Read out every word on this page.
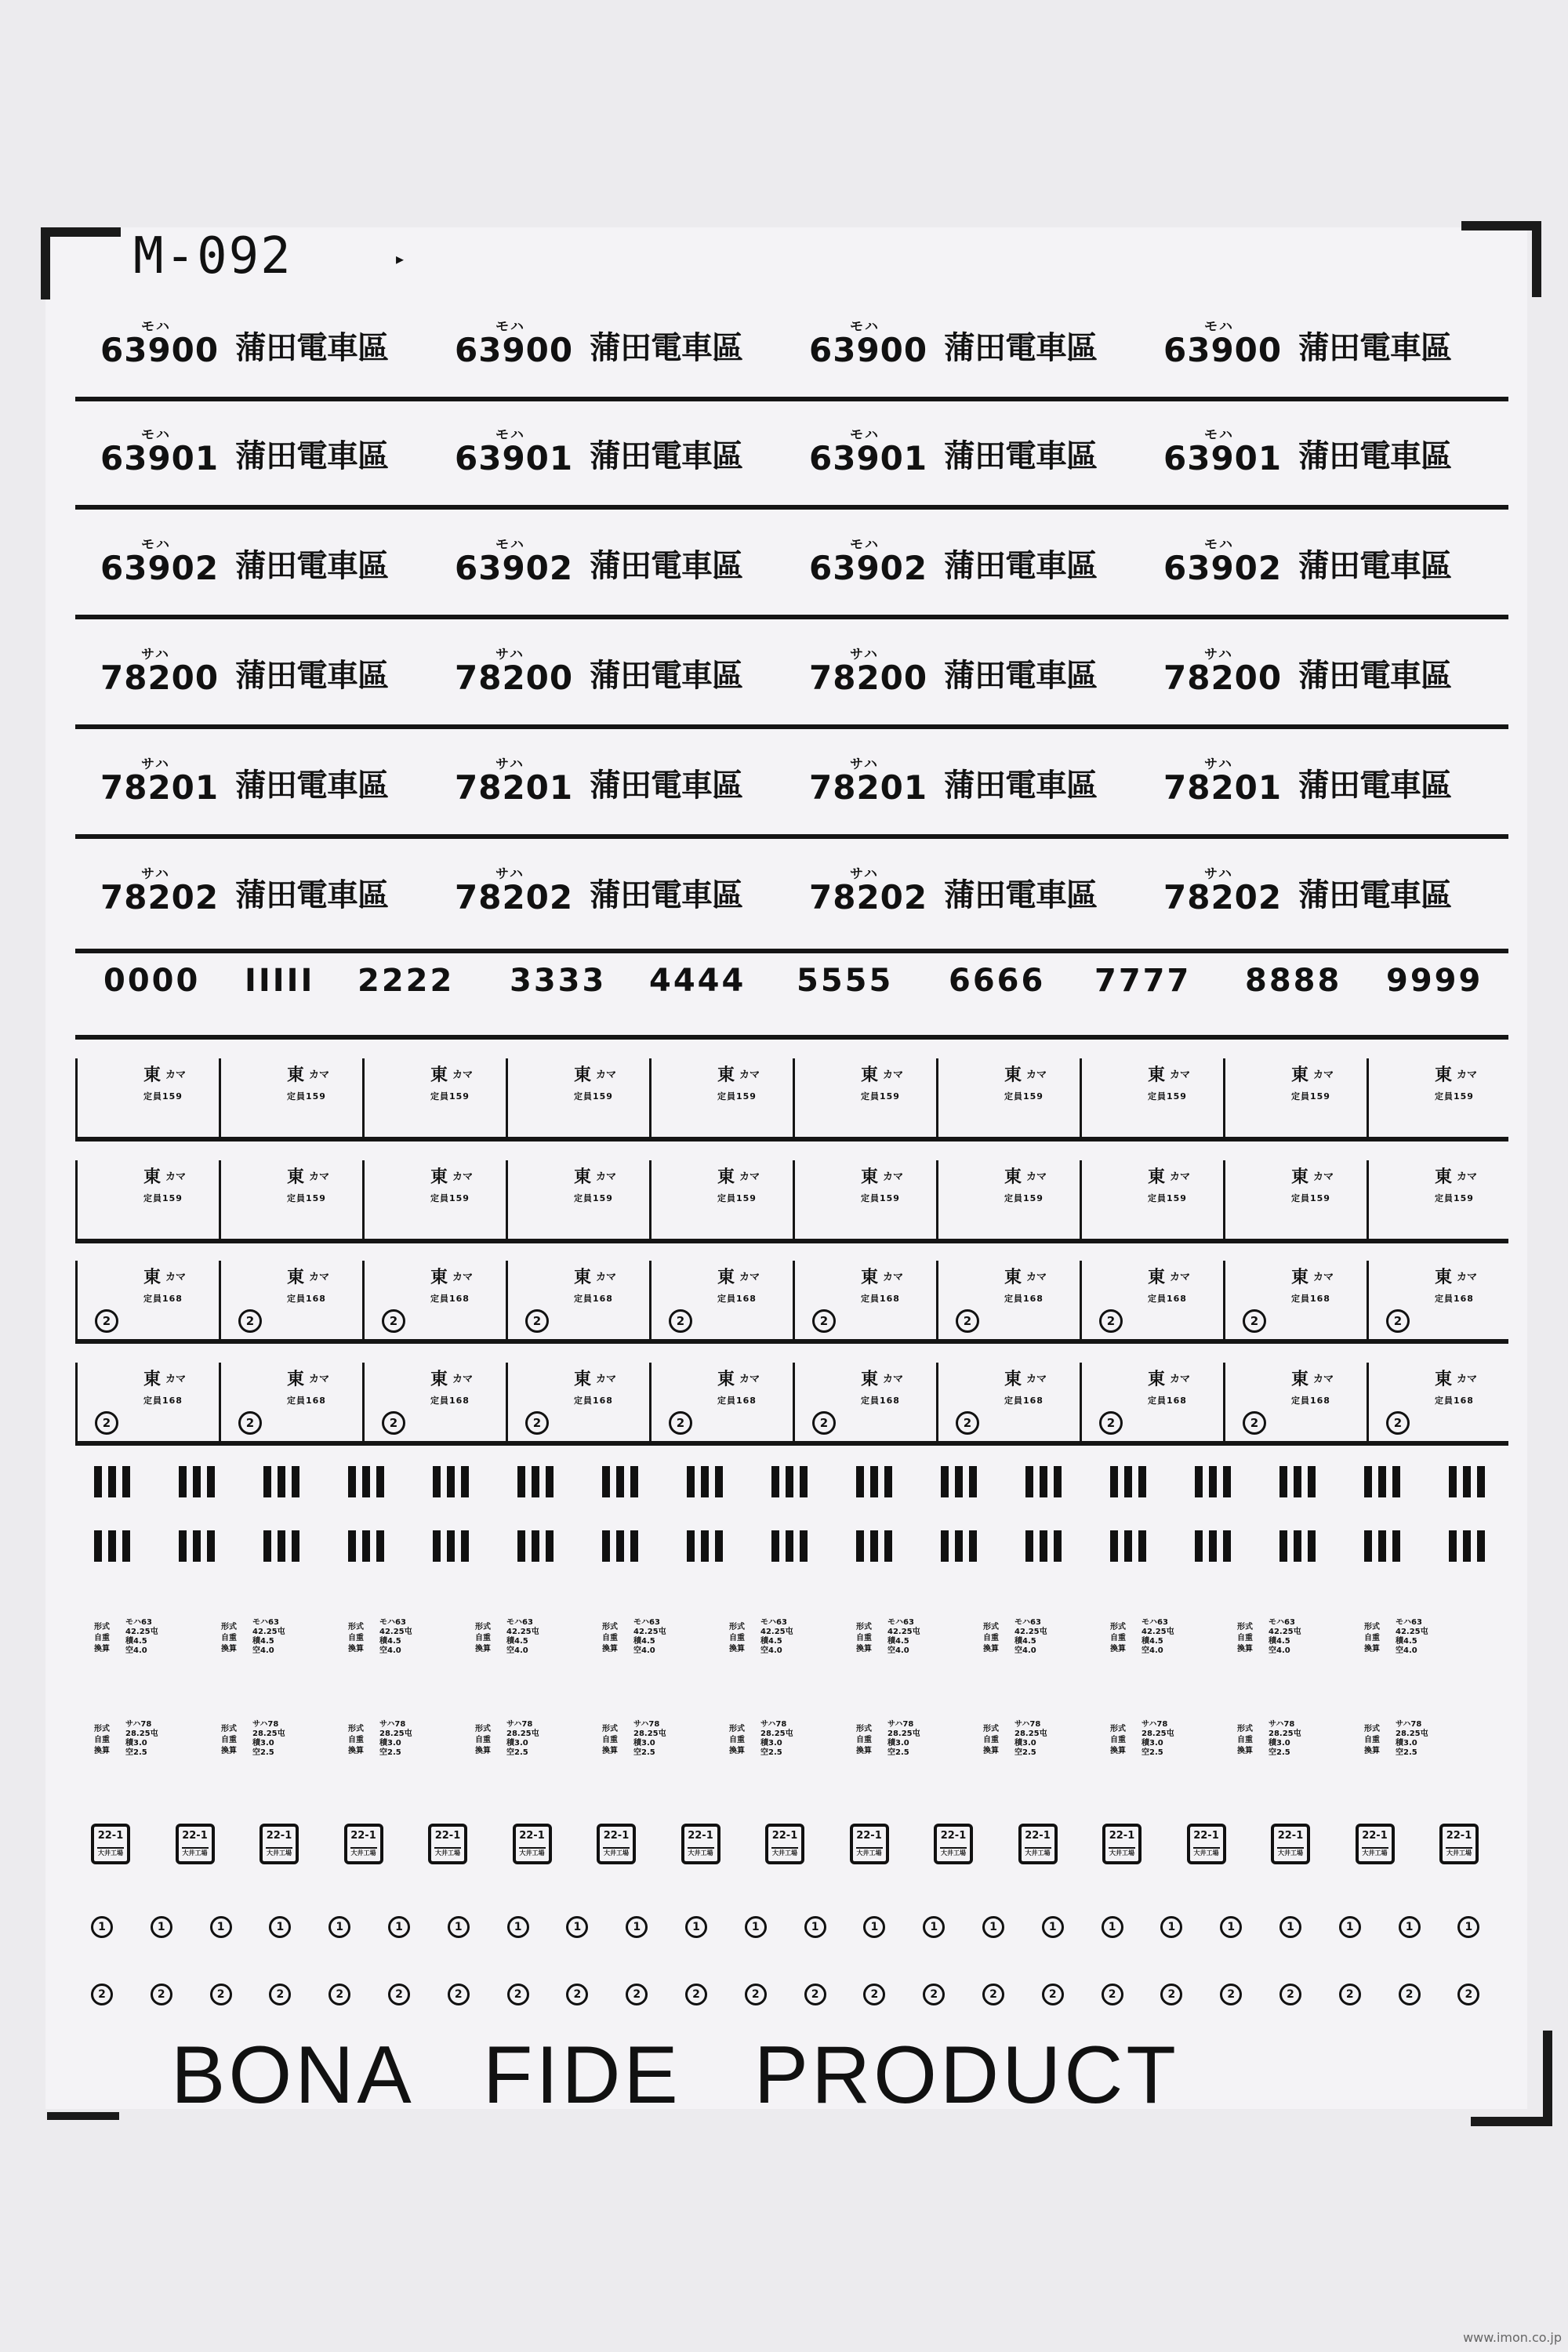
M-092	▸
モハ
63900 蒲田電車區
モハ
63900 蒲田電車區
モハ
63900 蒲田電車區
モハ
63900 蒲田電車區
モハ
63901 蒲田電車區
モハ
63901 蒲田電車區
モハ
63901 蒲田電車區
モハ
63901 蒲田電車區
モハ
63902 蒲田電車區
モハ
63902 蒲田電車區
モハ
63902 蒲田電車區
モハ
63902 蒲田電車區
サハ
78200 蒲田電車區
サハ
78200 蒲田電車區
サハ
78200 蒲田電車區
サハ
78200 蒲田電車區
サハ
78201 蒲田電車區
サハ
78201 蒲田電車區
サハ
78201 蒲田電車區
サハ
78201 蒲田電車區
サハ
78202 蒲田電車區
サハ
78202 蒲田電車區
サハ
78202 蒲田電車區
サハ
78202 蒲田電車區
0000 IIIII 2222 3333 4444 5555 6666 7777 8888 9999
東 カマ
定員159
東 カマ
定員159
東 カマ
定員159
東 カマ
定員159
東 カマ
定員159
東 カマ
定員159
東 カマ
定員159
東 カマ
定員159
東 カマ
定員159
東 カマ
定員159
東 カマ
定員159
東 カマ
定員159
東 カマ
定員159
東 カマ
定員159
東 カマ
定員159
東 カマ
定員159
東 カマ
定員159
東 カマ
定員159
東 カマ
定員159
東 カマ
定員159
東 カマ
定員168
2
東 カマ
定員168
2
東 カマ
定員168
2
東 カマ
定員168
2
東 カマ
定員168
2
東 カマ
定員168
2
東 カマ
定員168
2
東 カマ
定員168
2
東 カマ
定員168
2
東 カマ
定員168
2
東 カマ
定員168
2
東 カマ
定員168
2
東 カマ
定員168
2
東 カマ
定員168
2
東 カマ
定員168
2
東 カマ
定員168
2
東 カマ
定員168
2
東 カマ
定員168
2
東 カマ
定員168
2
東 カマ
定員168
2
形式
自重
換算
モハ63
42.25屯
積4.5
空4.0
形式
自重
換算
モハ63
42.25屯
積4.5
空4.0
形式
自重
換算
モハ63
42.25屯
積4.5
空4.0
形式
自重
換算
モハ63
42.25屯
積4.5
空4.0
形式
自重
換算
モハ63
42.25屯
積4.5
空4.0
形式
自重
換算
モハ63
42.25屯
積4.5
空4.0
形式
自重
換算
モハ63
42.25屯
積4.5
空4.0
形式
自重
換算
モハ63
42.25屯
積4.5
空4.0
形式
自重
換算
モハ63
42.25屯
積4.5
空4.0
形式
自重
換算
モハ63
42.25屯
積4.5
空4.0
形式
自重
換算
モハ63
42.25屯
積4.5
空4.0
形式
自重
換算
サハ78
28.25屯
積3.0
空2.5
形式
自重
換算
サハ78
28.25屯
積3.0
空2.5
形式
自重
換算
サハ78
28.25屯
積3.0
空2.5
形式
自重
換算
サハ78
28.25屯
積3.0
空2.5
形式
自重
換算
サハ78
28.25屯
積3.0
空2.5
形式
自重
換算
サハ78
28.25屯
積3.0
空2.5
形式
自重
換算
サハ78
28.25屯
積3.0
空2.5
形式
自重
換算
サハ78
28.25屯
積3.0
空2.5
形式
自重
換算
サハ78
28.25屯
積3.0
空2.5
形式
自重
換算
サハ78
28.25屯
積3.0
空2.5
形式
自重
換算
サハ78
28.25屯
積3.0
空2.5
22-1
大井工場
22-1
大井工場
22-1
大井工場
22-1
大井工場
22-1
大井工場
22-1
大井工場
22-1
大井工場
22-1
大井工場
22-1
大井工場
22-1
大井工場
22-1
大井工場
22-1
大井工場
22-1
大井工場
22-1
大井工場
22-1
大井工場
22-1
大井工場
22-1
大井工場
1	1	1	1	1	1	1	1	1	1	1	1	1	1	1	1	1	1	1	1	1	1	1	1
2	2	2	2	2	2	2	2	2	2	2	2	2	2	2	2	2	2	2	2	2	2	2	2
BONA FIDE PRODUCT
www.imon.co.jp
